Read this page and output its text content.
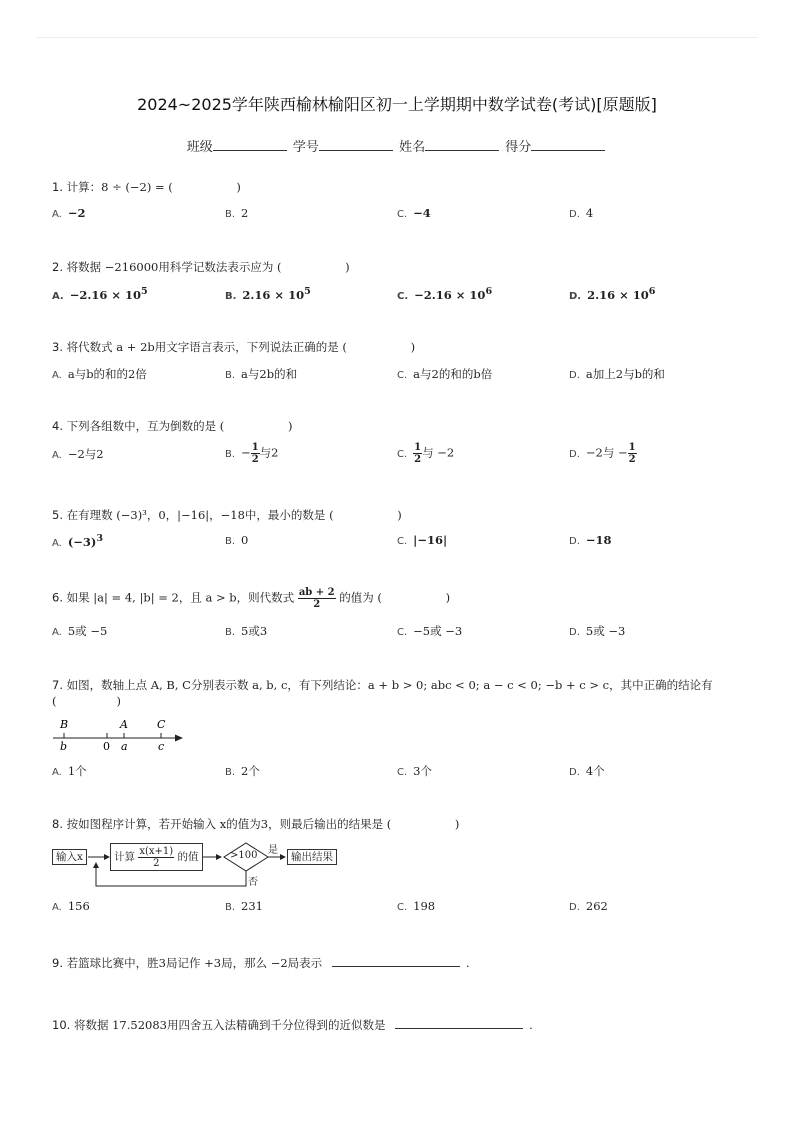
2024~2025学年陕西榆林榆阳区初一上学期期中数学试卷(考试)[原题版]
班级	学号	姓名	得分
1. 计算：8 ÷ (−2) = (	)
A. −2	B. 2	C. −4	D. 4
2. 将数据 −216000用科学记数法表示应为 (	)
A. $-2.16 \times 10^5$	B. $2.16 \times 10^5$	C. $-2.16 \times 10^6$	D. $2.16 \times 10^6$
3. 将代数式 a + 2b用文字语言表示，下列说法正确的是 (	)
A. a与b的和的2倍	B. a与2b的和	C. a与2的和的b倍	D. a加上2与b的和
4. 下列各组数中，互为倒数的是 (	)
A. −2与2	B. − $\frac{1}{2}$ 与2	C. $\frac{1}{2}$ 与 −2	D. −2与 − $\frac{1}{2}$
5. 在有理数 (−3)³，0，|−16|，−18中，最小的数是 (	)
A. $(-3)^3$	B. 0	C. |−16|	D. −18
6. 如果 |a| = 4, |b| = 2，且 a > b，则代数式 $\frac{ab + 2}{2}$ 的值为 (	)
A. 5或 −5	B. 5或3	C. −5或 −3	D. 5或 −3
7. 如图，数轴上点 A, B, C分别表示数 a, b, c，有下列结论：a + b > 0; abc < 0; a − c < 0; −b + c > c，其中正确的结论有
(	)
B	A	C
b	0 a	c
A. 1个	B. 2个	C. 3个	D. 4个
8. 按如图程序计算，若开始输入 x的值为3，则最后输出的结果是 (	)
输入x	计算 $\frac{x(x+1)}{2}$ 的值	>100 是
否
输出结果
A. 156	B. 231	C. 198	D. 262
9. 若篮球比赛中，胜3局记作 +3局，那么 −2局表示	.
10. 将数据 17.52083用四舍五入法精确到千分位得到的近似数是	.
